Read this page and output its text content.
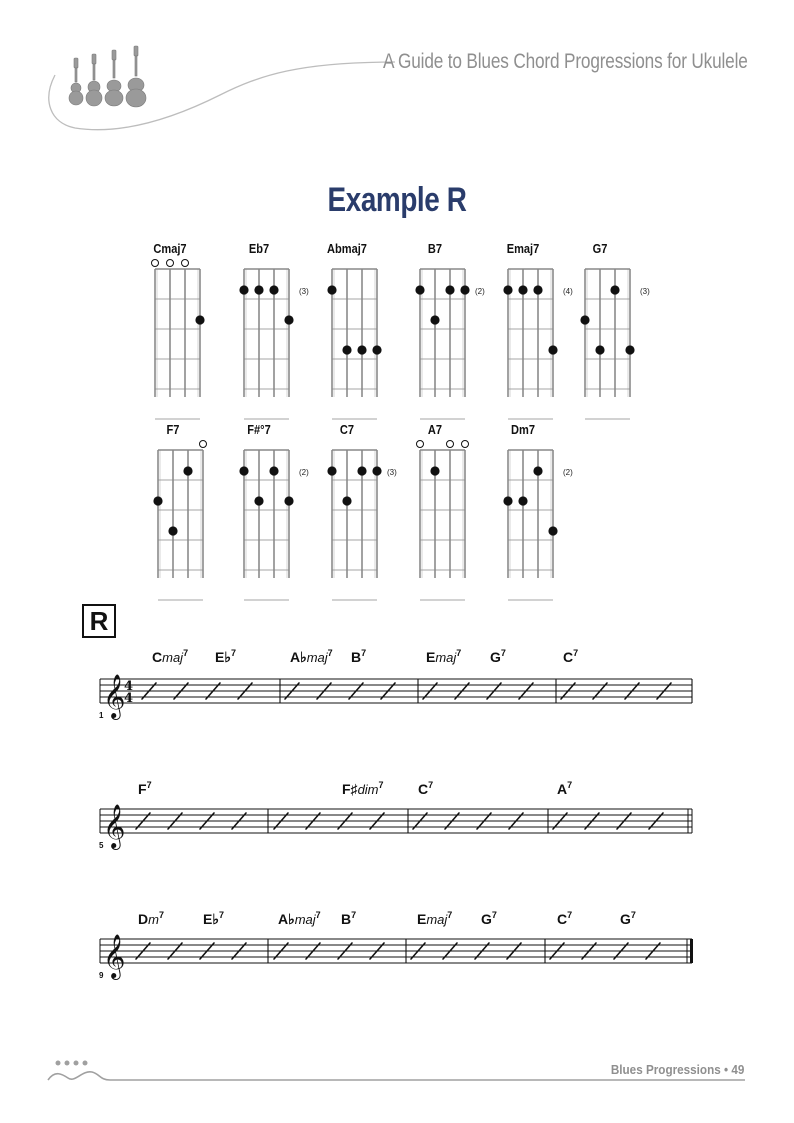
A Guide to Blues Chord Progressions for Ukulele
Example R
Cmaj7	Eb7
(3)
Abmaj7	B7
(2)
Emaj7
(4)
G7
(3)
F7	F#°7
(2)
C7
(3)
A7	Dm7
(2)
R
𝄞
4
4
𝄞
𝄞
1
Cmaj$^7$ E♭$^7$	A♭maj$^7$ $B^7$	Emaj$^7$ $G^7$	$C^7$
5
$F^7$	F♯dim$^7$ $C^7$	$A^7$
9
Dm$^7$	E♭$^7$	A♭maj$^7$ $B^7$	Emaj$^7$ $G^7$	$C^7$	$G^7$
Blues Progressions • 49
